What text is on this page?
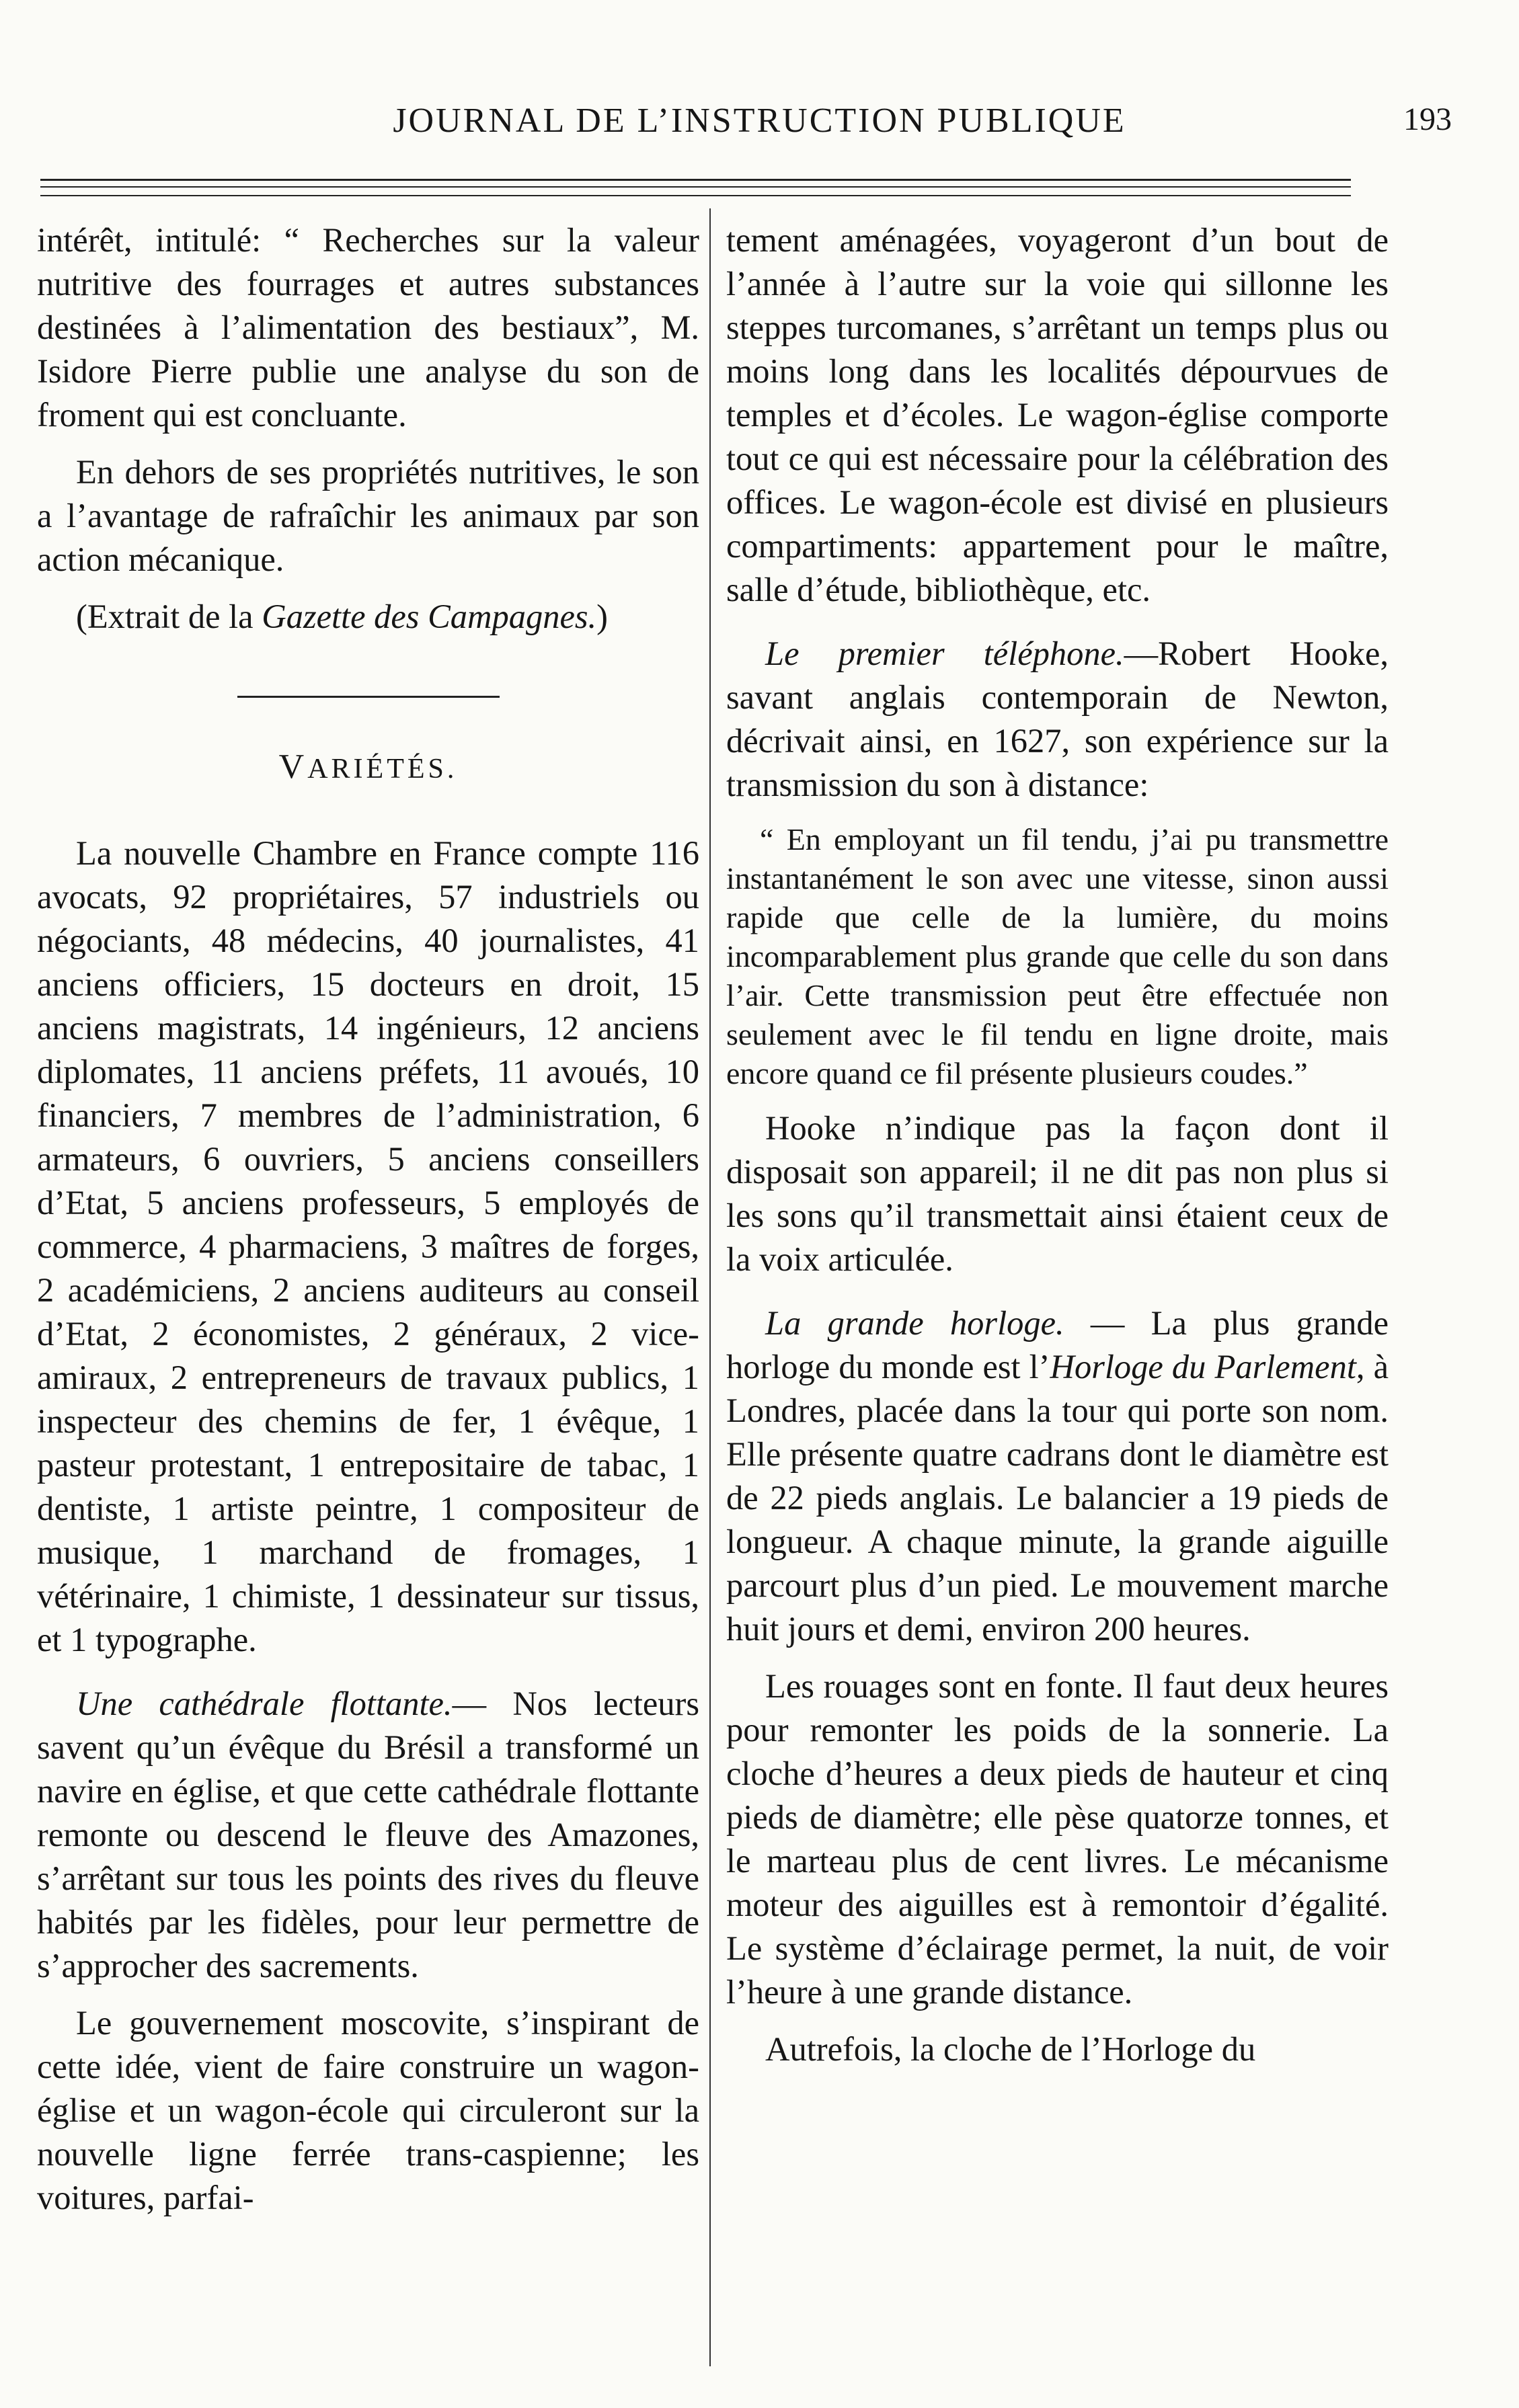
JOURNAL DE L’INSTRUCTION PUBLIQUE	193

intérêt, intitulé: “ Recherches sur la valeur nutritive des fourrages et autres substances destinées à l’alimentation des bestiaux”, M. Isidore Pierre publie une analyse du son de froment qui est concluante.

En dehors de ses propriétés nutritives, le son a l’avantage de rafraîchir les animaux par son action mécanique.

(Extrait de la Gazette des Campagnes.)

VARIÉTÉS.

La nouvelle Chambre en France compte 116 avocats, 92 propriétaires, 57 industriels ou négociants, 48 médecins, 40 journalistes, 41 anciens officiers, 15 docteurs en droit, 15 anciens magistrats, 14 ingénieurs, 12 anciens diplomates, 11 anciens préfets, 11 avoués, 10 financiers, 7 membres de l’administration, 6 armateurs, 6 ouvriers, 5 anciens conseillers d’Etat, 5 anciens professeurs, 5 employés de commerce, 4 pharmaciens, 3 maîtres de forges, 2 académiciens, 2 anciens auditeurs au conseil d’Etat, 2 économistes, 2 généraux, 2 vice-amiraux, 2 entrepreneurs de travaux publics, 1 inspecteur des chemins de fer, 1 évêque, 1 pasteur protestant, 1 entrepositaire de tabac, 1 dentiste, 1 artiste peintre, 1 compositeur de musique, 1 marchand de fromages, 1 vétérinaire, 1 chimiste, 1 dessinateur sur tissus, et 1 typographe.

Une cathédrale flottante.— Nos lecteurs savent qu’un évêque du Brésil a transformé un navire en église, et que cette cathédrale flottante remonte ou descend le fleuve des Amazones, s’arrêtant sur tous les points des rives du fleuve habités par les fidèles, pour leur permettre de s’approcher des sacrements.

Le gouvernement moscovite, s’inspirant de cette idée, vient de faire construire un wagon-église et un wagon-école qui circuleront sur la nouvelle ligne ferrée trans-caspienne; les voitures, parfai-

tement aménagées, voyageront d’un bout de l’année à l’autre sur la voie qui sillonne les steppes turcomanes, s’arrêtant un temps plus ou moins long dans les localités dépourvues de temples et d’écoles. Le wagon-église comporte tout ce qui est nécessaire pour la célébration des offices. Le wagon-école est divisé en plusieurs compartiments: appartement pour le maître, salle d’étude, bibliothèque, etc.

Le premier téléphone.—Robert Hooke, savant anglais contemporain de Newton, décrivait ainsi, en 1627, son expérience sur la transmission du son à distance:

“ En employant un fil tendu, j’ai pu transmettre instantanément le son avec une vitesse, sinon aussi rapide que celle de la lumière, du moins incomparablement plus grande que celle du son dans l’air. Cette transmission peut être effectuée non seulement avec le fil tendu en ligne droite, mais encore quand ce fil présente plusieurs coudes.”

Hooke n’indique pas la façon dont il disposait son appareil; il ne dit pas non plus si les sons qu’il transmettait ainsi étaient ceux de la voix articulée.

La grande horloge. — La plus grande horloge du monde est l’Horloge du Parlement, à Londres, placée dans la tour qui porte son nom. Elle présente quatre cadrans dont le diamètre est de 22 pieds anglais. Le balancier a 19 pieds de longueur. A chaque minute, la grande aiguille parcourt plus d’un pied. Le mouvement marche huit jours et demi, environ 200 heures.

Les rouages sont en fonte. Il faut deux heures pour remonter les poids de la sonnerie. La cloche d’heures a deux pieds de hauteur et cinq pieds de diamètre; elle pèse quatorze tonnes, et le marteau plus de cent livres. Le mécanisme moteur des aiguilles est à remontoir d’égalité. Le système d’éclairage permet, la nuit, de voir l’heure à une grande distance.

Autrefois, la cloche de l’Horloge du
